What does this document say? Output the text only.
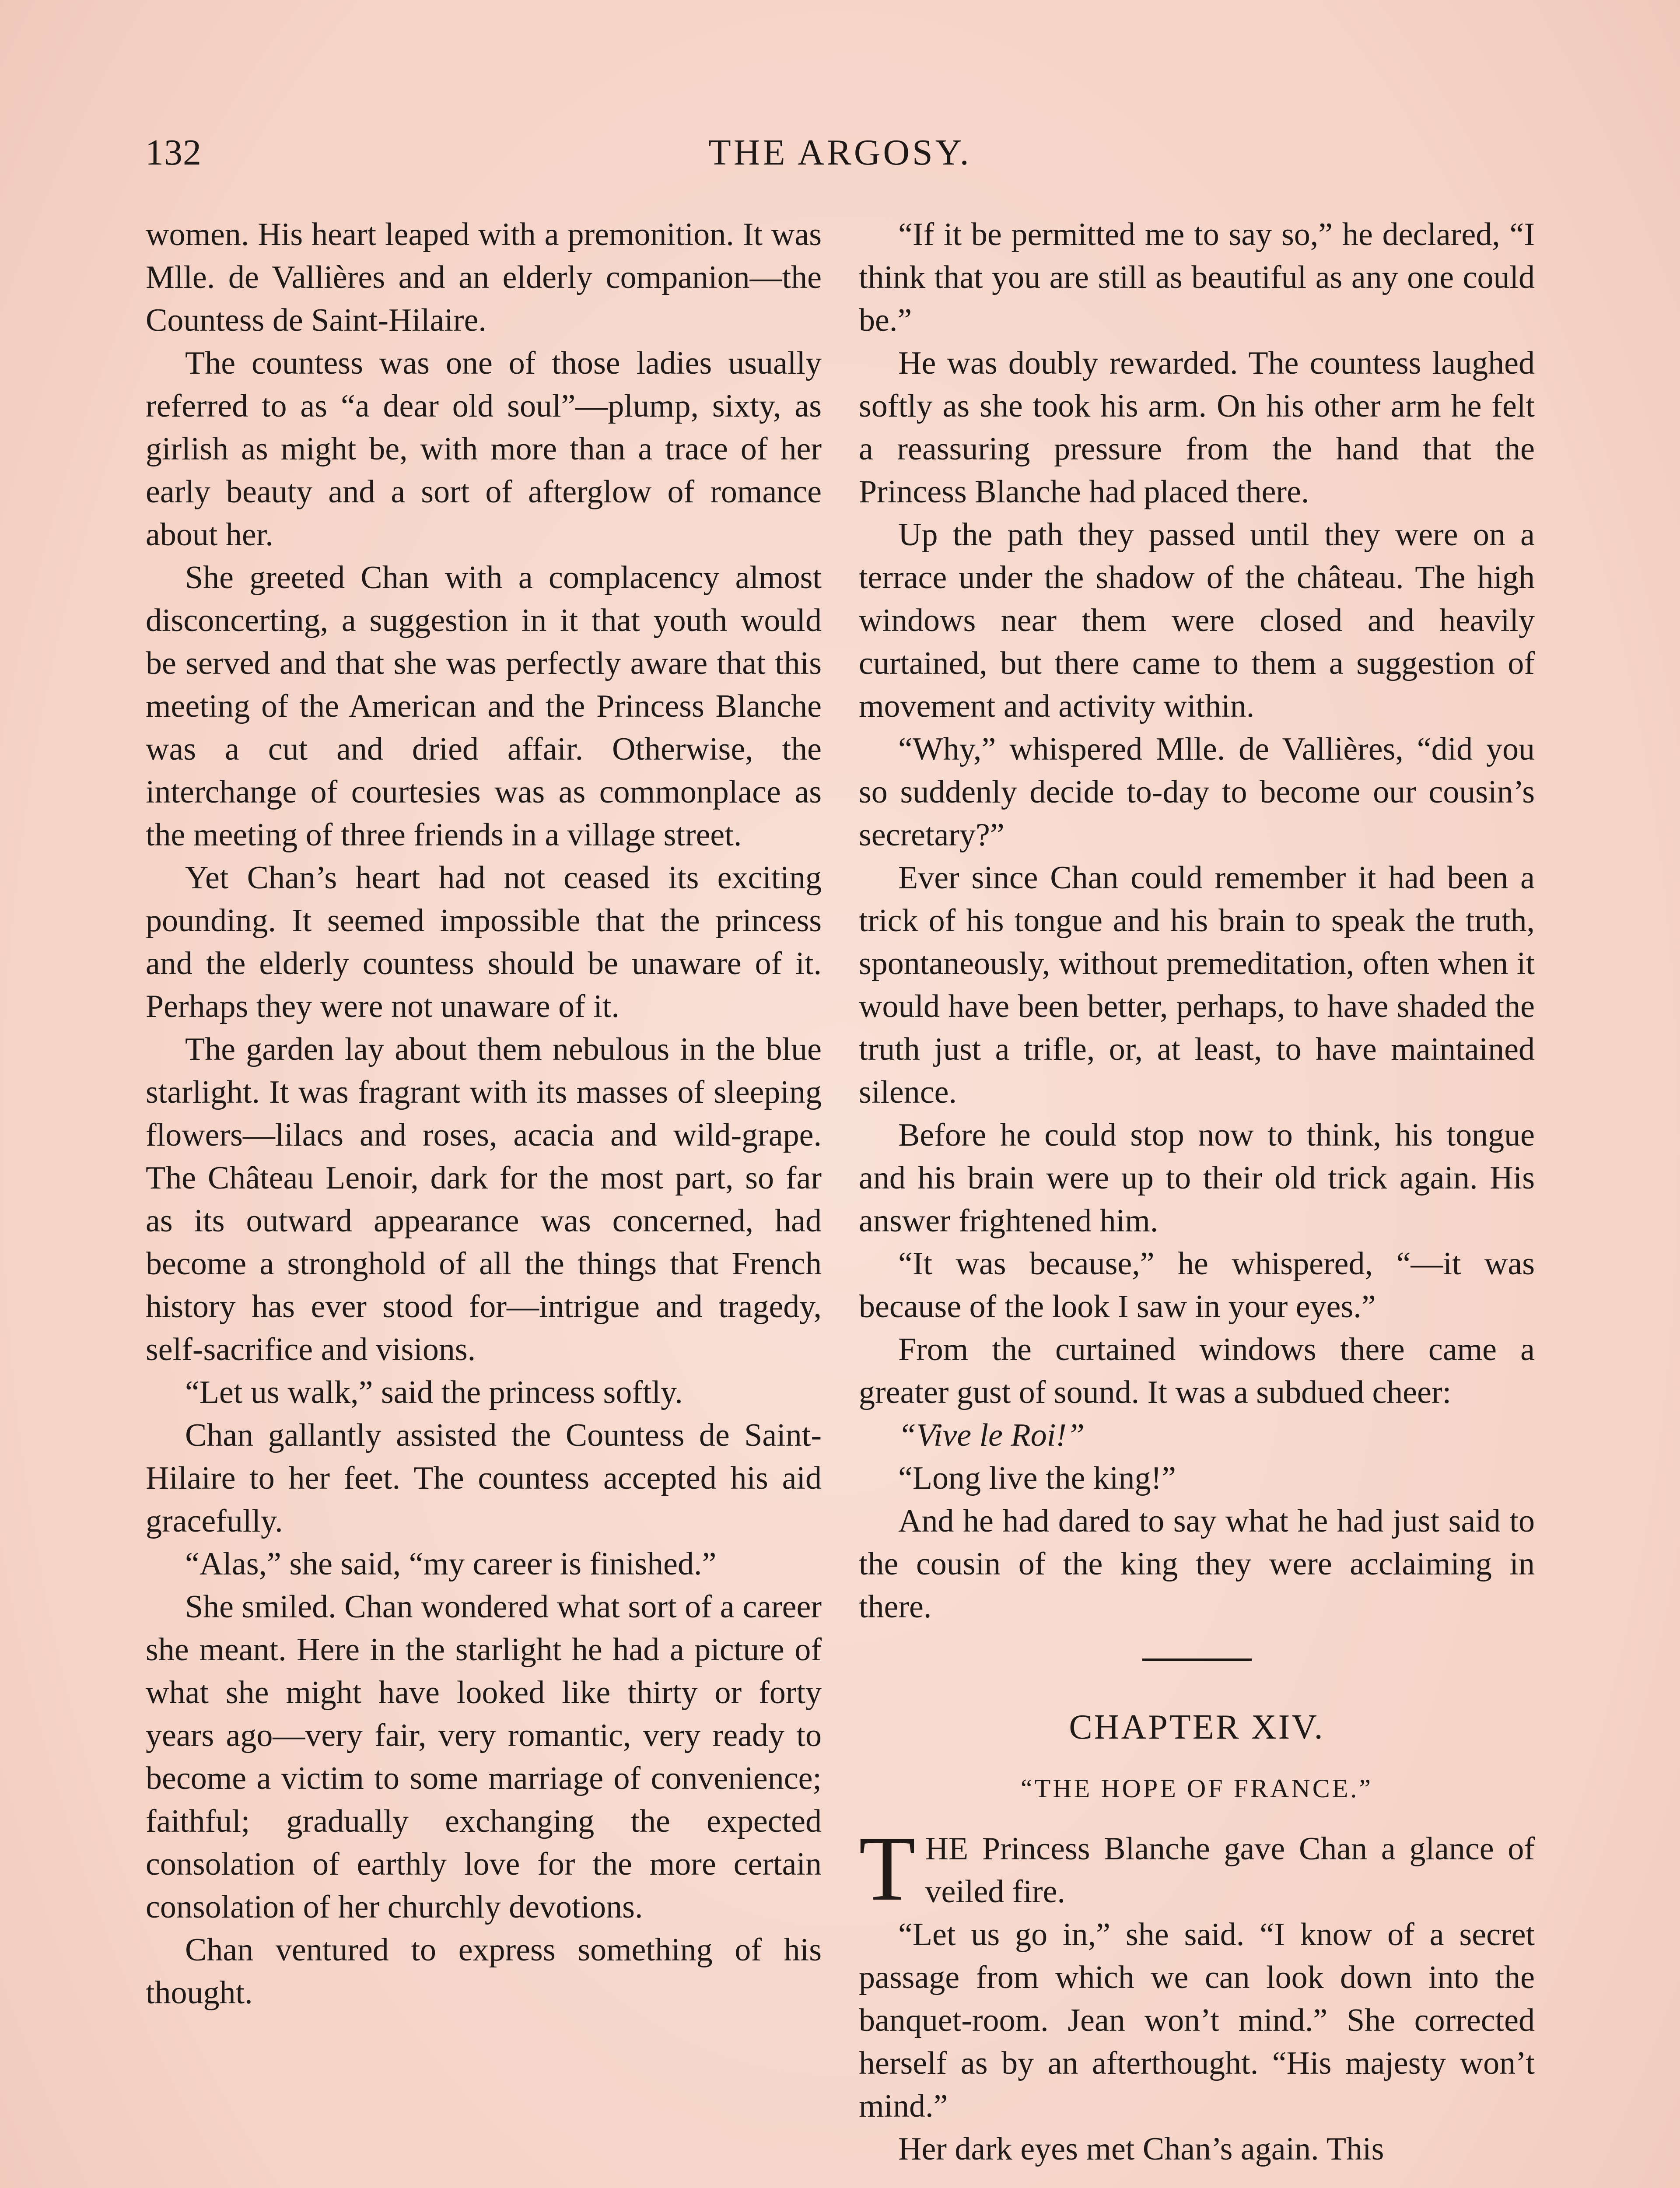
132	THE ARGOSY.

women. His heart leaped with a premonition. It was Mlle. de Vallières and an elderly companion—the Countess de Saint-Hilaire.

The countess was one of those ladies usually referred to as “a dear old soul”—plump, sixty, as girlish as might be, with more than a trace of her early beauty and a sort of afterglow of romance about her.

She greeted Chan with a complacency almost disconcerting, a suggestion in it that youth would be served and that she was perfectly aware that this meeting of the American and the Princess Blanche was a cut and dried affair. Otherwise, the interchange of courtesies was as commonplace as the meeting of three friends in a village street.

Yet Chan’s heart had not ceased its exciting pounding. It seemed impossible that the princess and the elderly countess should be unaware of it. Perhaps they were not unaware of it.

The garden lay about them nebulous in the blue starlight. It was fragrant with its masses of sleeping flowers—lilacs and roses, acacia and wild-grape. The Château Lenoir, dark for the most part, so far as its outward appearance was concerned, had become a stronghold of all the things that French history has ever stood for—intrigue and tragedy, self-sacrifice and visions.

“Let us walk,” said the princess softly.

Chan gallantly assisted the Countess de Saint-Hilaire to her feet. The countess accepted his aid gracefully.

“Alas,” she said, “my career is finished.”

She smiled. Chan wondered what sort of a career she meant. Here in the starlight he had a picture of what she might have looked like thirty or forty years ago—very fair, very romantic, very ready to become a victim to some marriage of convenience; faithful; gradually exchanging the expected consolation of earthly love for the more certain consolation of her churchly devotions.

Chan ventured to express something of his thought.

“If it be permitted me to say so,” he declared, “I think that you are still as beautiful as any one could be.”

He was doubly rewarded. The countess laughed softly as she took his arm. On his other arm he felt a reassuring pressure from the hand that the Princess Blanche had placed there.

Up the path they passed until they were on a terrace under the shadow of the château. The high windows near them were closed and heavily curtained, but there came to them a suggestion of movement and activity within.

“Why,” whispered Mlle. de Vallières, “did you so suddenly decide to-day to become our cousin’s secretary?”

Ever since Chan could remember it had been a trick of his tongue and his brain to speak the truth, spontaneously, without premeditation, often when it would have been better, perhaps, to have shaded the truth just a trifle, or, at least, to have maintained silence.

Before he could stop now to think, his tongue and his brain were up to their old trick again. His answer frightened him.

“It was because,” he whispered, “—it was because of the look I saw in your eyes.”

From the curtained windows there came a greater gust of sound. It was a subdued cheer:

“Vive le Roi!”

“Long live the king!”

And he had dared to say what he had just said to the cousin of the king they were acclaiming in there.

CHAPTER XIV.

“THE HOPE OF FRANCE.”

THE Princess Blanche gave Chan a glance of veiled fire.

“Let us go in,” she said. “I know of a secret passage from which we can look down into the banquet-room. Jean won’t mind.” She corrected herself as by an afterthought. “His majesty won’t mind.”

Her dark eyes met Chan’s again. This
